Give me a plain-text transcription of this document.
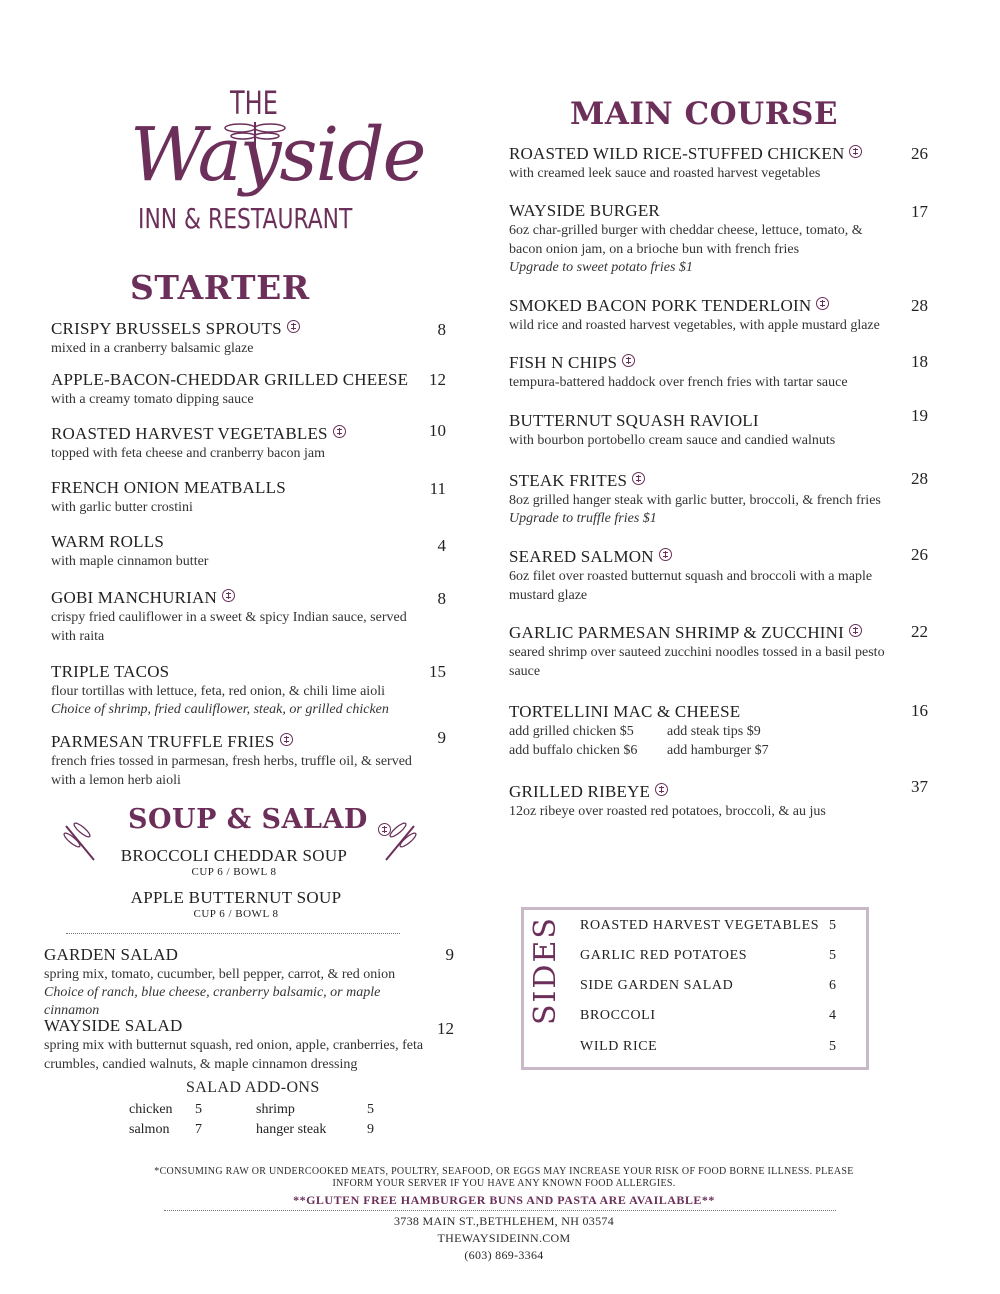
THE
Wayside
INN & RESTAURANT
STARTER
CRISPY BRUSSELS SPROUTS
mixed in a cranberry balsamic glaze
8
APPLE-BACON-CHEDDAR GRILLED CHEESE
with a creamy tomato dipping sauce
12
ROASTED HARVEST VEGETABLES
topped with feta cheese and cranberry bacon jam
10
FRENCH ONION MEATBALLS
with garlic butter crostini
11
WARM ROLLS
with maple cinnamon butter
4
GOBI MANCHURIAN
crispy fried cauliflower in a sweet & spicy Indian sauce, served with raita
8
TRIPLE TACOS
flour tortillas with lettuce, feta, red onion, & chili lime aioli
Choice of shrimp, fried cauliflower, steak, or grilled chicken
15
PARMESAN TRUFFLE FRIES
french fries tossed in parmesan, fresh herbs, truffle oil, & served with a lemon herb aioli
9
SOUP & SALAD
BROCCOLI CHEDDAR SOUP
CUP 6 / BOWL 8
APPLE BUTTERNUT SOUP
CUP 6 / BOWL 8
GARDEN SALAD
spring mix, tomato, cucumber, bell pepper, carrot, & red onion
Choice of ranch, blue cheese, cranberry balsamic, or maple cinnamon
9
WAYSIDE SALAD
spring mix with butternut squash, red onion, apple, cranberries, feta crumbles, candied walnuts, & maple cinnamon dressing
12
SALAD ADD-ONS
chicken 5	shrimp	5
salmon 7	hanger steak	9
MAIN COURSE
ROASTED WILD RICE-STUFFED CHICKEN
with creamed leek sauce and roasted harvest vegetables
26
WAYSIDE BURGER
6oz char-grilled burger with cheddar cheese, lettuce, tomato, & bacon onion jam, on a brioche bun with french fries
Upgrade to sweet potato fries $1
17
SMOKED BACON PORK TENDERLOIN
wild rice and roasted harvest vegetables, with apple mustard glaze
28
FISH N CHIPS
tempura-battered haddock over french fries with tartar sauce
18
BUTTERNUT SQUASH RAVIOLI
with bourbon portobello cream sauce and candied walnuts
19
STEAK FRITES
8oz grilled hanger steak with garlic butter, broccoli, & french fries
Upgrade to truffle fries $1
28
SEARED SALMON
6oz filet over roasted butternut squash and broccoli with a maple mustard glaze
26
GARLIC PARMESAN SHRIMP & ZUCCHINI
seared shrimp over sauteed zucchini noodles tossed in a basil pesto sauce
22
TORTELLINI MAC & CHEESE
add grilled chicken $5	add steak tips $9
add buffalo chicken $6	add hamburger $7
16
GRILLED RIBEYE
12oz ribeye over roasted red potatoes, broccoli, & au jus
37
SIDES	ROASTED HARVEST VEGETABLES 5
GARLIC RED POTATOES	5
SIDE GARDEN SALAD	6
BROCCOLI	4
WILD RICE	5
*CONSUMING RAW OR UNDERCOOKED MEATS, POULTRY, SEAFOOD, OR EGGS MAY INCREASE YOUR RISK OF FOOD BORNE ILLNESS. PLEASE
INFORM YOUR SERVER IF YOU HAVE ANY KNOWN FOOD ALLERGIES.
**GLUTEN FREE HAMBURGER BUNS AND PASTA ARE AVAILABLE**
3738 MAIN ST.,BETHLEHEM, NH 03574
THEWAYSIDEINN.COM
(603) 869-3364
